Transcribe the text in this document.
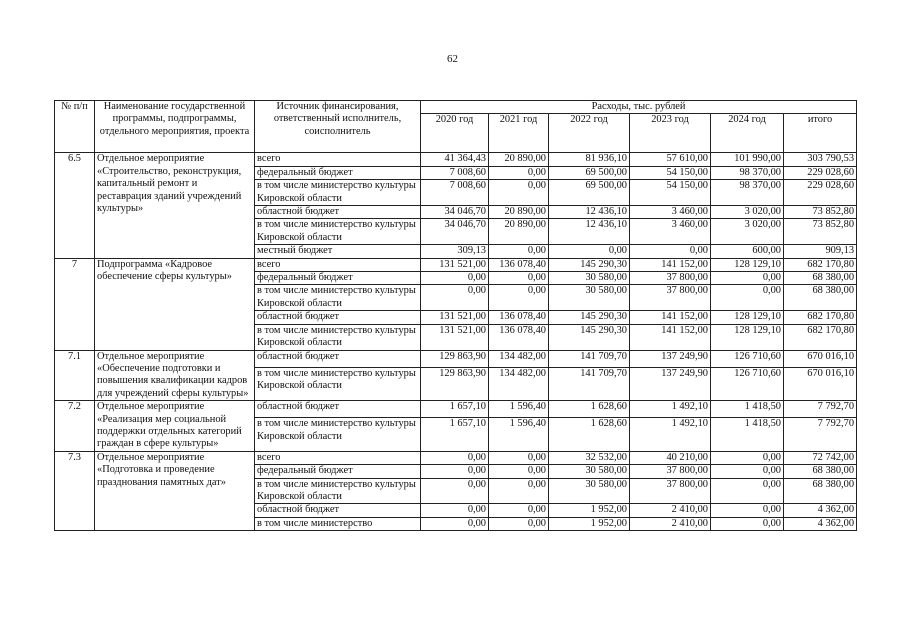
62
№ п/п	Наименование государственной программы, подпрограммы, отдельного мероприятия, проекта	Источник финансирования, ответственный исполнитель, соисполнитель	Расходы, тыс. рублей					
			2020 год	2021 год	2022 год	2023 год	2024 год	итого
6.5	Отдельное мероприятие «Строительство, реконструкция, капитальный ремонт и реставрация зданий учреждений культуры»	всего	41 364,43	20 890,00	81 936,10	57 610,00	101 990,00	303 790,53
		федеральный бюджет	7 008,60	0,00	69 500,00	54 150,00	98 370,00	229 028,60
		в том числе министерство культуры Кировской области	7 008,60	0,00	69 500,00	54 150,00	98 370,00	229 028,60
		областной бюджет	34 046,70	20 890,00	12 436,10	3 460,00	3 020,00	73 852,80
		в том числе министерство культуры Кировской области	34 046,70	20 890,00	12 436,10	3 460,00	3 020,00	73 852,80
		местный бюджет	309,13	0,00	0,00	0,00	600,00	909,13
7	Подпрограмма «Кадровое обеспечение сферы культуры»	всего	131 521,00	136 078,40	145 290,30	141 152,00	128 129,10	682 170,80
		федеральный бюджет	0,00	0,00	30 580,00	37 800,00	0,00	68 380,00
		в том числе министерство культуры Кировской области	0,00	0,00	30 580,00	37 800,00	0,00	68 380,00
		областной бюджет	131 521,00	136 078,40	145 290,30	141 152,00	128 129,10	682 170,80
		в том числе министерство культуры Кировской области	131 521,00	136 078,40	145 290,30	141 152,00	128 129,10	682 170,80
7.1	Отдельное мероприятие «Обеспечение подготовки и повышения квалификации кадров для учреждений сферы культуры»	областной бюджет	129 863,90	134 482,00	141 709,70	137 249,90	126 710,60	670 016,10
		в том числе министерство культуры Кировской области	129 863,90	134 482,00	141 709,70	137 249,90	126 710,60	670 016,10
7.2	Отдельное мероприятие «Реализация мер социальной поддержки отдельных категорий граждан в сфере культуры»	областной бюджет	1 657,10	1 596,40	1 628,60	1 492,10	1 418,50	7 792,70
		в том числе министерство культуры Кировской области	1 657,10	1 596,40	1 628,60	1 492,10	1 418,50	7 792,70
7.3	Отдельное мероприятие «Подготовка и проведение празднования памятных дат»	всего	0,00	0,00	32 532,00	40 210,00	0,00	72 742,00
		федеральный бюджет	0,00	0,00	30 580,00	37 800,00	0,00	68 380,00
		в том числе министерство культуры Кировской области	0,00	0,00	30 580,00	37 800,00	0,00	68 380,00
		областной бюджет	0,00	0,00	1 952,00	2 410,00	0,00	4 362,00
		в том числе министерство	0,00	0,00	1 952,00	2 410,00	0,00	4 362,00
